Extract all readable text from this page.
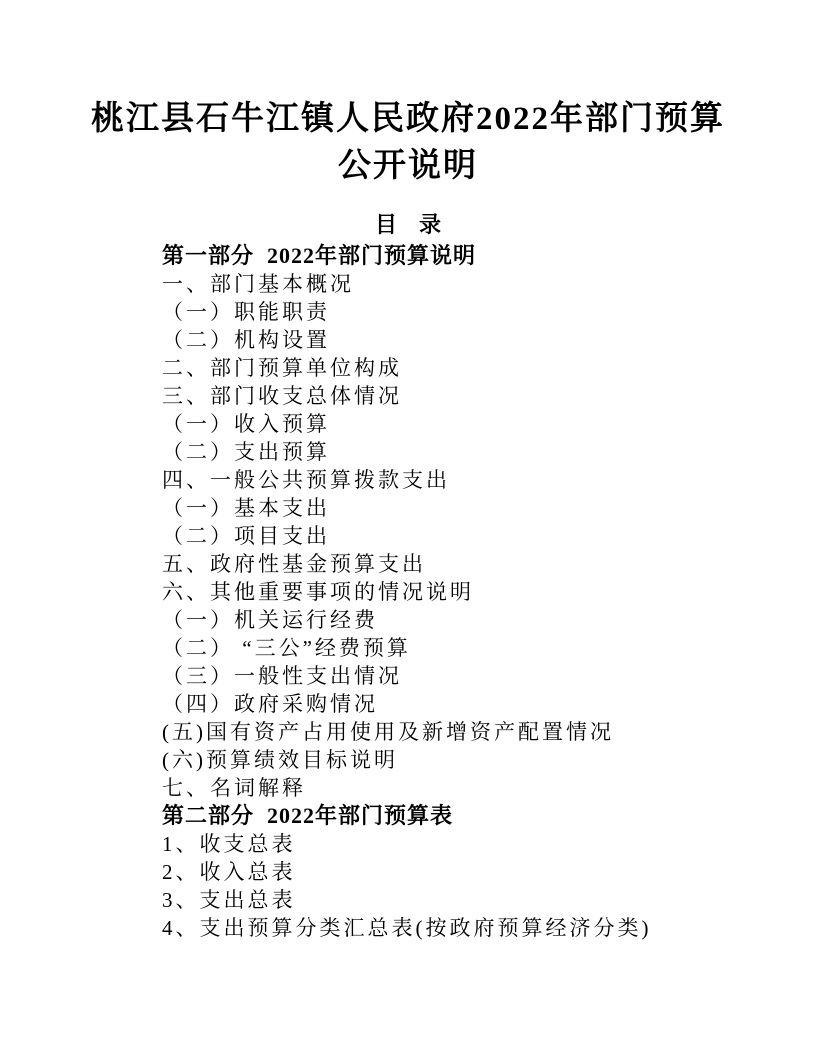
桃江县石牛江镇人民政府2022年部门预算
公开说明
目　录
第一部分  2022年部门预算说明
一、部门基本概况
（一）职能职责
（二）机构设置
二、部门预算单位构成
三、部门收支总体情况
（一）收入预算
（二）支出预算
四、一般公共预算拨款支出
（一）基本支出
（二）项目支出
五、政府性基金预算支出
六、其他重要事项的情况说明
（一）机关运行经费
（二） “三公”经费预算
（三）一般性支出情况
（四）政府采购情况
(五)国有资产占用使用及新增资产配置情况
(六)预算绩效目标说明
七、名词解释
第二部分  2022年部门预算表
1、收支总表
2、收入总表
3、支出总表
4、支出预算分类汇总表(按政府预算经济分类)
